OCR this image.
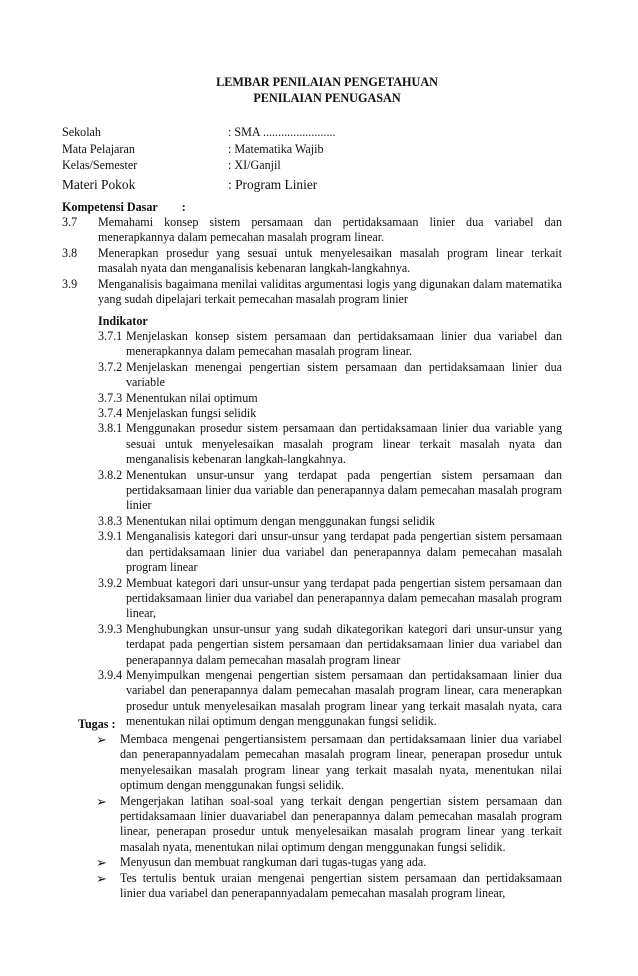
LEMBAR PENILAIAN PENGETAHUAN
PENILAIAN PENUGASAN
Sekolah	: SMA ........................
Mata Pelajaran	: Matematika Wajib
Kelas/Semester	: XI/Ganjil
Materi Pokok	: Program Linier
Kompetensi Dasar :
3.7 Memahami konsep sistem persamaan dan pertidaksamaan linier dua variabel dan menerapkannya dalam pemecahan masalah program linear.
3.8 Menerapkan prosedur yang sesuai untuk menyelesaikan masalah program linear terkait masalah nyata dan menganalisis kebenaran langkah-langkahnya.
3.9 Menganalisis bagaimana menilai validitas argumentasi logis yang digunakan dalam matematika yang sudah dipelajari terkait pemecahan masalah program linier
Indikator
3.7.1 Menjelaskan konsep sistem persamaan dan pertidaksamaan linier dua variabel dan menerapkannya dalam pemecahan masalah program linear.
3.7.2 Menjelaskan menengai pengertian sistem persamaan dan pertidaksamaan linier dua variable
3.7.3 Menentukan nilai optimum
3.7.4 Menjelaskan fungsi selidik
3.8.1 Menggunakan prosedur sistem persamaan dan pertidaksamaan linier dua variable yang sesuai untuk menyelesaikan masalah program linear terkait masalah nyata dan menganalisis kebenaran langkah-langkahnya.
3.8.2 Menentukan unsur-unsur yang terdapat pada pengertian sistem persamaan dan pertidaksamaan linier dua variable dan penerapannya dalam pemecahan masalah program linier
3.8.3 Menentukan nilai optimum dengan menggunakan fungsi selidik
3.9.1 Menganalisis kategori dari unsur-unsur yang terdapat pada pengertian sistem persamaan dan pertidaksamaan linier dua variabel dan penerapannya dalam pemecahan masalah program linear
3.9.2 Membuat kategori dari unsur-unsur yang terdapat pada pengertian sistem persamaan dan pertidaksamaan linier dua variabel dan penerapannya dalam pemecahan masalah program linear,
3.9.3 Menghubungkan unsur-unsur yang sudah dikategorikan kategori dari unsur-unsur yang terdapat pada pengertian sistem persamaan dan pertidaksamaan linier dua variabel dan penerapannya dalam pemecahan masalah program linear
3.9.4 Menyimpulkan mengenai pengertian sistem persamaan dan pertidaksamaan linier dua variabel dan penerapannya dalam pemecahan masalah program linear, cara menerapkan prosedur untuk menyelesaikan masalah program linear yang terkait masalah nyata, cara menentukan nilai optimum dengan menggunakan fungsi selidik.
Tugas :
➢ Membaca mengenai pengertiansistem persamaan dan pertidaksamaan linier dua variabel dan penerapannyadalam pemecahan masalah program linear, penerapan prosedur untuk menyelesaikan masalah program linear yang terkait masalah nyata, menentukan nilai optimum dengan menggunakan fungsi selidik.
➢ Mengerjakan latihan soal-soal yang terkait dengan pengertian sistem persamaan dan pertidaksamaan linier duavariabel dan penerapannya dalam pemecahan masalah program linear, penerapan prosedur untuk menyelesaikan masalah program linear yang terkait masalah nyata, menentukan nilai optimum dengan menggunakan fungsi selidik.
➢ Menyusun dan membuat rangkuman dari tugas-tugas yang ada.
➢ Tes tertulis bentuk uraian mengenai pengertian sistem persamaan dan pertidaksamaan linier dua variabel dan penerapannyadalam pemecahan masalah program linear,
